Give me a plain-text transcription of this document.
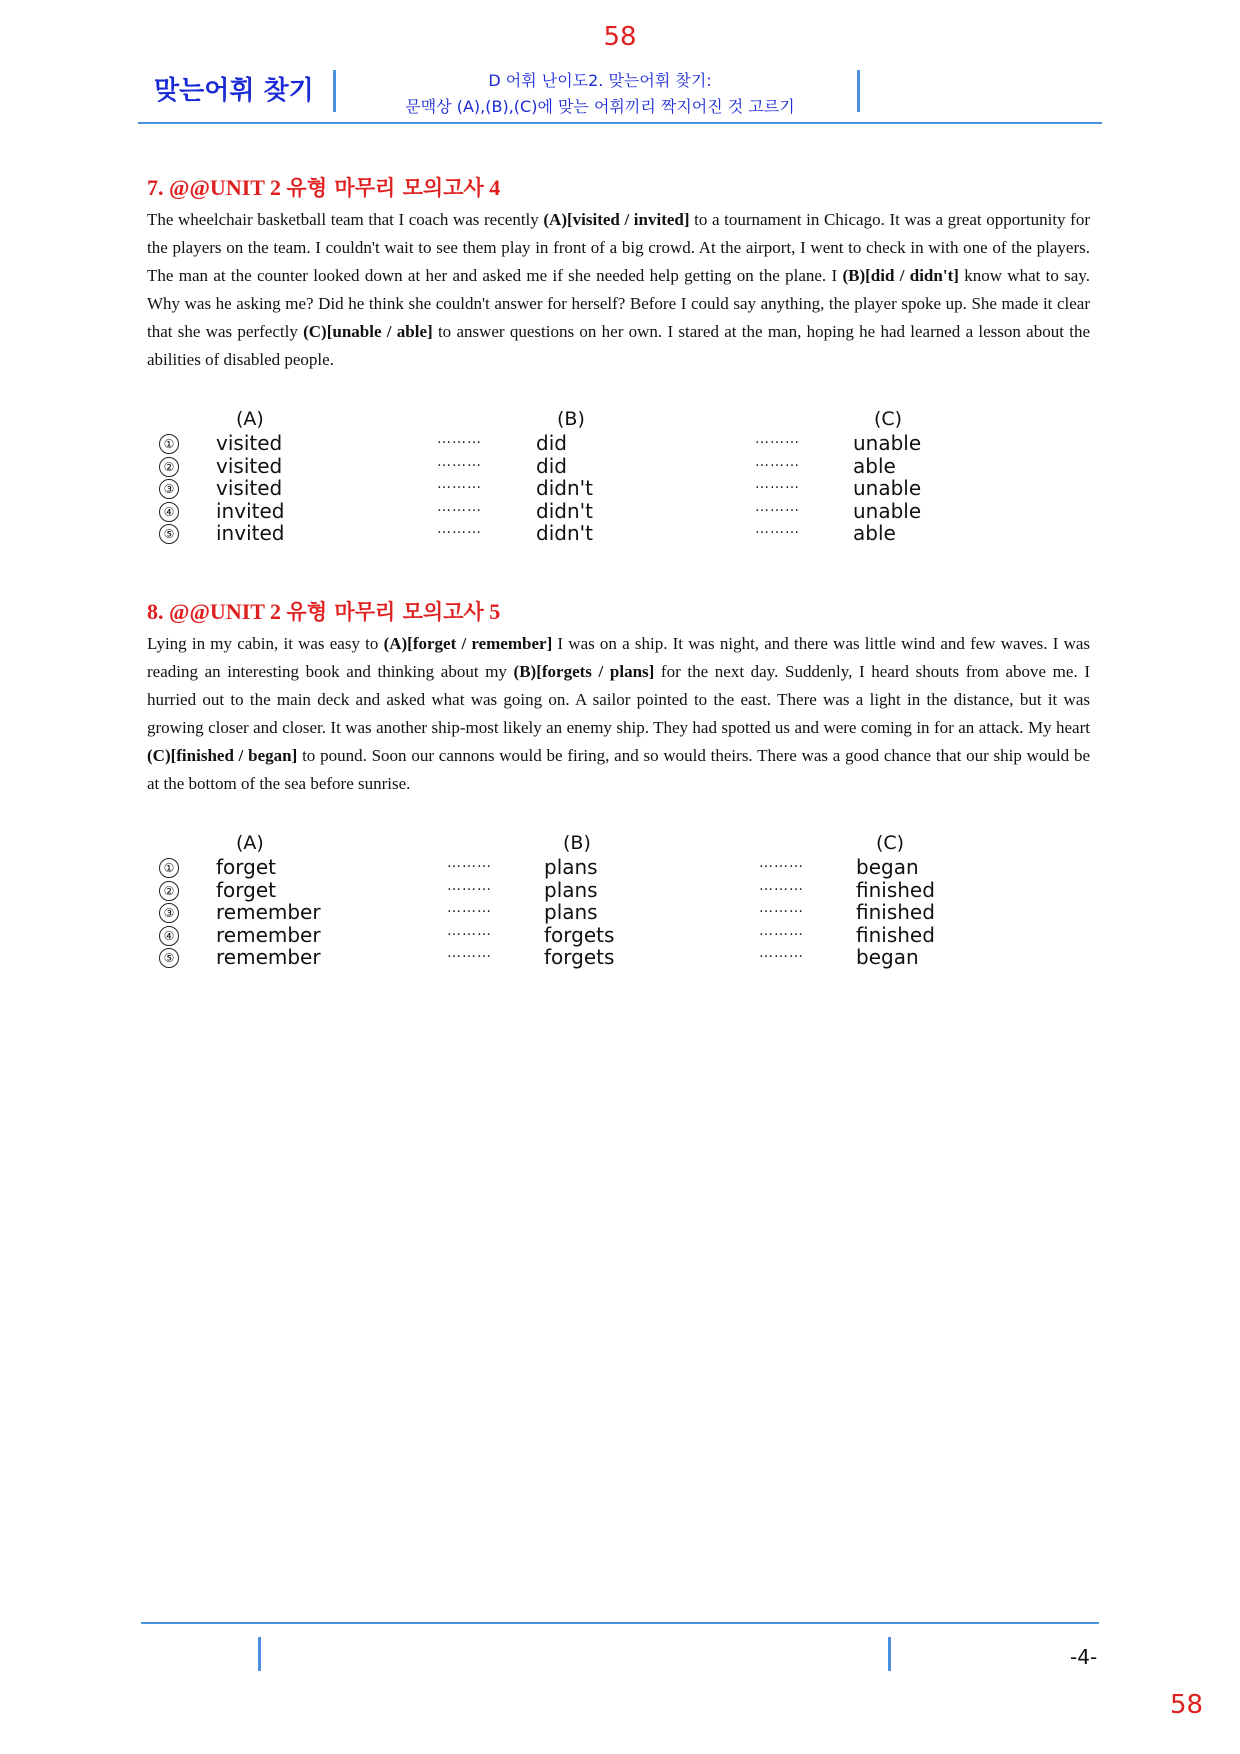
58
맞는어휘 찾기	D 어휘 난이도2. 맞는어휘 찾기:
문맥상 (A),(B),(C)에 맞는 어휘끼리 짝지어진 것 고르기
7. @@UNIT 2 유형 마무리 모의고사 4
The wheelchair basketball team that I coach was recently (A)[visited / invited] to a tournament in Chicago. It was a great opportunity for the players on the team. I couldn't wait to see them play in front of a big crowd. At the airport, I went to check in with one of the players. The man at the counter looked down at her and asked me if she needed help getting on the plane. I (B)[did / didn't] know what to say. Why was he asking me? Did he think she couldn't answer for herself? Before I could say anything, the player spoke up. She made it clear that she was perfectly (C)[unable / able] to answer questions on her own. I stared at the man, hoping he had learned a lesson about the abilities of disabled people.
(A)	(B)	(C)
① visited	………	did	………	unable
② visited	………	did	………	able
③ visited	………	didn't	………	unable
④ invited	………	didn't	………	unable
⑤ invited	………	didn't	………	able
8. @@UNIT 2 유형 마무리 모의고사 5
Lying in my cabin, it was easy to (A)[forget / remember] I was on a ship. It was night, and there was little wind and few waves. I was reading an interesting book and thinking about my (B)[forgets / plans] for the next day. Suddenly, I heard shouts from above me. I hurried out to the main deck and asked what was going on. A sailor pointed to the east. There was a light in the distance, but it was growing closer and closer. It was another ship-most likely an enemy ship. They had spotted us and were coming in for an attack. My heart (C)[finished / began] to pound. Soon our cannons would be firing, and so would theirs. There was a good chance that our ship would be at the bottom of the sea before sunrise.
(A)	(B)	(C)
① forget	………	plans	………	began
② forget	………	plans	………	finished
③ remember	………	plans	………	finished
④ remember	………	forgets	………	finished
⑤ remember	………	forgets	………	began
-4-
58
